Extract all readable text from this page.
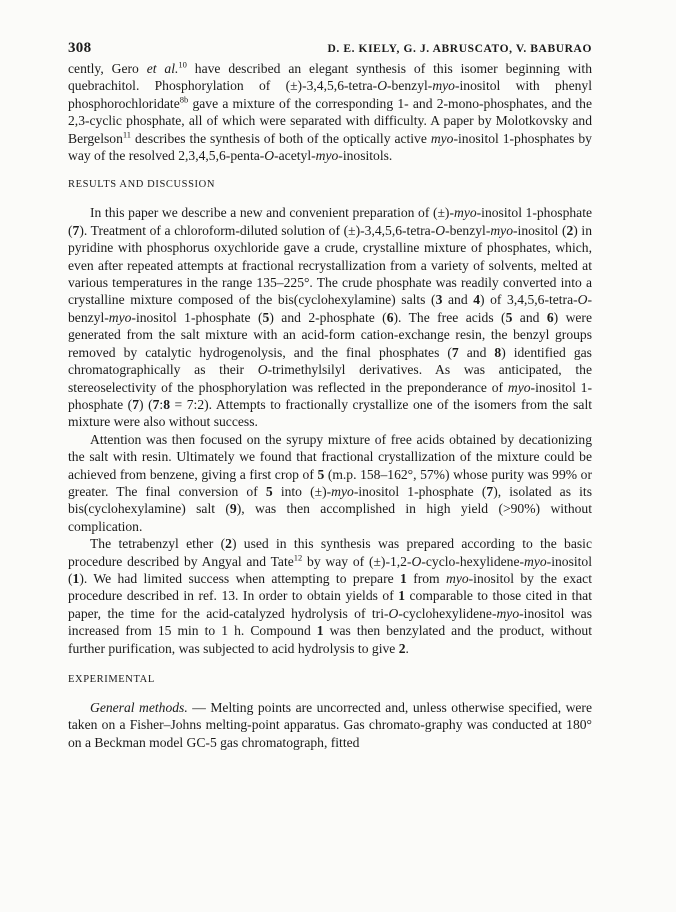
308	D. E. KIELY, G. J. ABRUSCATO, V. BABURAO

cently, Gero et al.$^{10}$ have described an elegant synthesis of this isomer beginning with quebrachitol. Phosphorylation of (±)-3,4,5,6-tetra-O-benzyl-myo-inositol with phenyl phosphorochloridate$^{8b}$ gave a mixture of the corresponding 1- and 2-mono-phosphates, and the 2,3-cyclic phosphate, all of which were separated with difficulty. A paper by Molotkovsky and Bergelson$^{11}$ describes the synthesis of both of the optically active myo-inositol 1-phosphates by way of the resolved 2,3,4,5,6-penta-O-acetyl-myo-inositols.

RESULTS AND DISCUSSION

In this paper we describe a new and convenient preparation of (±)-myo-inositol 1-phosphate (7). Treatment of a chloroform-diluted solution of (±)-3,4,5,6-tetra-O-benzyl-myo-inositol (2) in pyridine with phosphorus oxychloride gave a crude, crystalline mixture of phosphates, which, even after repeated attempts at fractional recrystallization from a variety of solvents, melted at various temperatures in the range 135–225°. The crude phosphate was readily converted into a crystalline mixture composed of the bis(cyclohexylamine) salts (3 and 4) of 3,4,5,6-tetra-O-benzyl-myo-inositol 1-phosphate (5) and 2-phosphate (6). The free acids (5 and 6) were generated from the salt mixture with an acid-form cation-exchange resin, the benzyl groups removed by catalytic hydrogenolysis, and the final phosphates (7 and 8) identified gas chromatographically as their O-trimethylsilyl derivatives. As was anticipated, the stereoselectivity of the phosphorylation was reflected in the preponderance of myo-inositol 1-phosphate (7) (7:8 = 7:2). Attempts to fractionally crystallize one of the isomers from the salt mixture were also without success.

Attention was then focused on the syrupy mixture of free acids obtained by decationizing the salt with resin. Ultimately we found that fractional crystallization of the mixture could be achieved from benzene, giving a first crop of 5 (m.p. 158–162°, 57%) whose purity was 99% or greater. The final conversion of 5 into (±)-myo-inositol 1-phosphate (7), isolated as its bis(cyclohexylamine) salt (9), was then accomplished in high yield (>90%) without complication.

The tetrabenzyl ether (2) used in this synthesis was prepared according to the basic procedure described by Angyal and Tate$^{12}$ by way of (±)-1,2-O-cyclo-hexylidene-myo-inositol (1). We had limited success when attempting to prepare 1 from myo-inositol by the exact procedure described in ref. 13. In order to obtain yields of 1 comparable to those cited in that paper, the time for the acid-catalyzed hydrolysis of tri-O-cyclohexylidene-myo-inositol was increased from 15 min to 1 h. Compound 1 was then benzylated and the product, without further purification, was subjected to acid hydrolysis to give 2.

EXPERIMENTAL

General methods. — Melting points are uncorrected and, unless otherwise specified, were taken on a Fisher–Johns melting-point apparatus. Gas chromato-graphy was conducted at 180° on a Beckman model GC-5 gas chromatograph, fitted
